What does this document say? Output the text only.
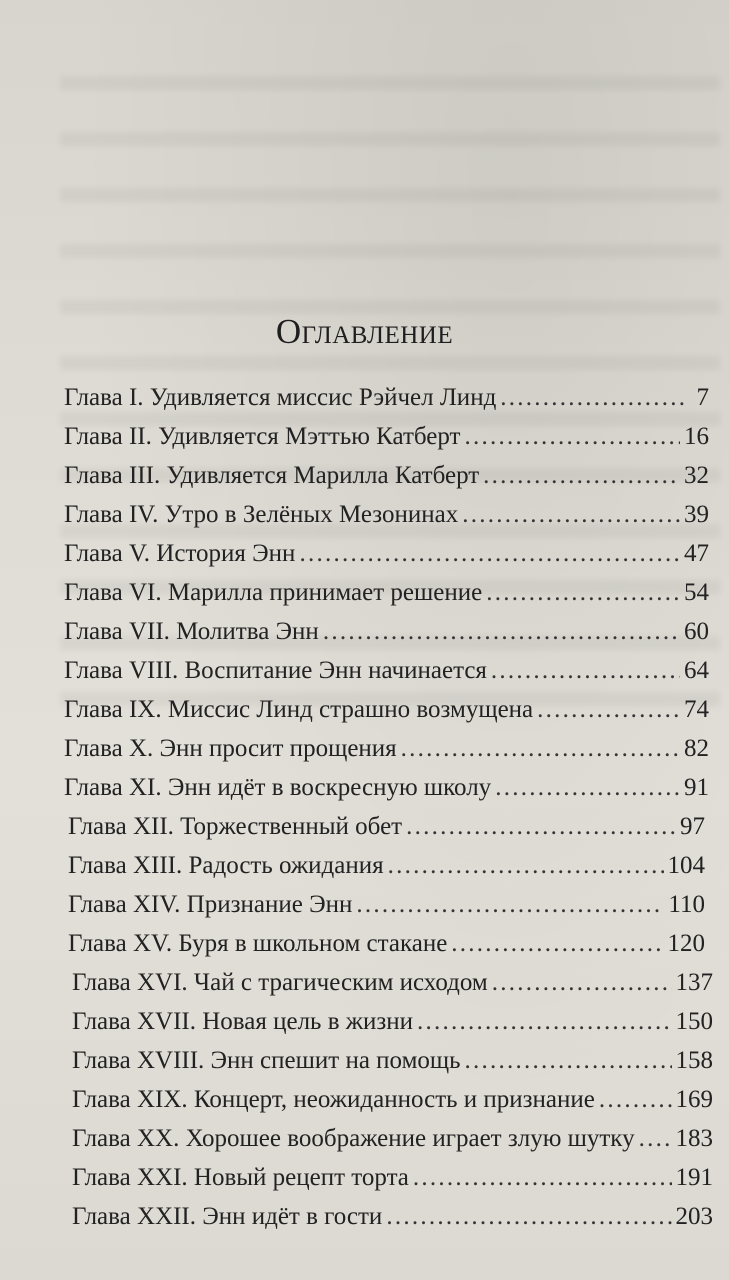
Оглавление
Глава I. Удивляется миссис Рэйчел Линд . . .	7
Глава II. Удивляется Мэттью Катберт . . .	16
Глава III. Удивляется Марилла Катберт . . .	32
Глава IV. Утро в Зелёных Мезонинах . . .	39
Глава V. История Энн . . .	47
Глава VI. Марилла принимает решение . . .	54
Глава VII. Молитва Энн . . .	60
Глава VIII. Воспитание Энн начинается . . .	64
Глава IX. Миссис Линд страшно возмущена . . .	74
Глава X. Энн просит прощения . . .	82
Глава XI. Энн идёт в воскресную школу . . .	91
Глава XII. Торжественный обет . . .	97
Глава XIII. Радость ожидания . . .	104
Глава XIV. Признание Энн . . .	110
Глава XV. Буря в школьном стакане . . .	120
Глава XVI. Чай с трагическим исходом . . .	137
Глава XVII. Новая цель в жизни . . .	150
Глава XVIII. Энн спешит на помощь . . .	158
Глава XIX. Концерт, неожиданность и признание . . .	169
Глава XX. Хорошее воображение играет злую шутку . . . 183
Глава XXI. Новый рецепт торта . . .	191
Глава XXII. Энн идёт в гости . . .	203
